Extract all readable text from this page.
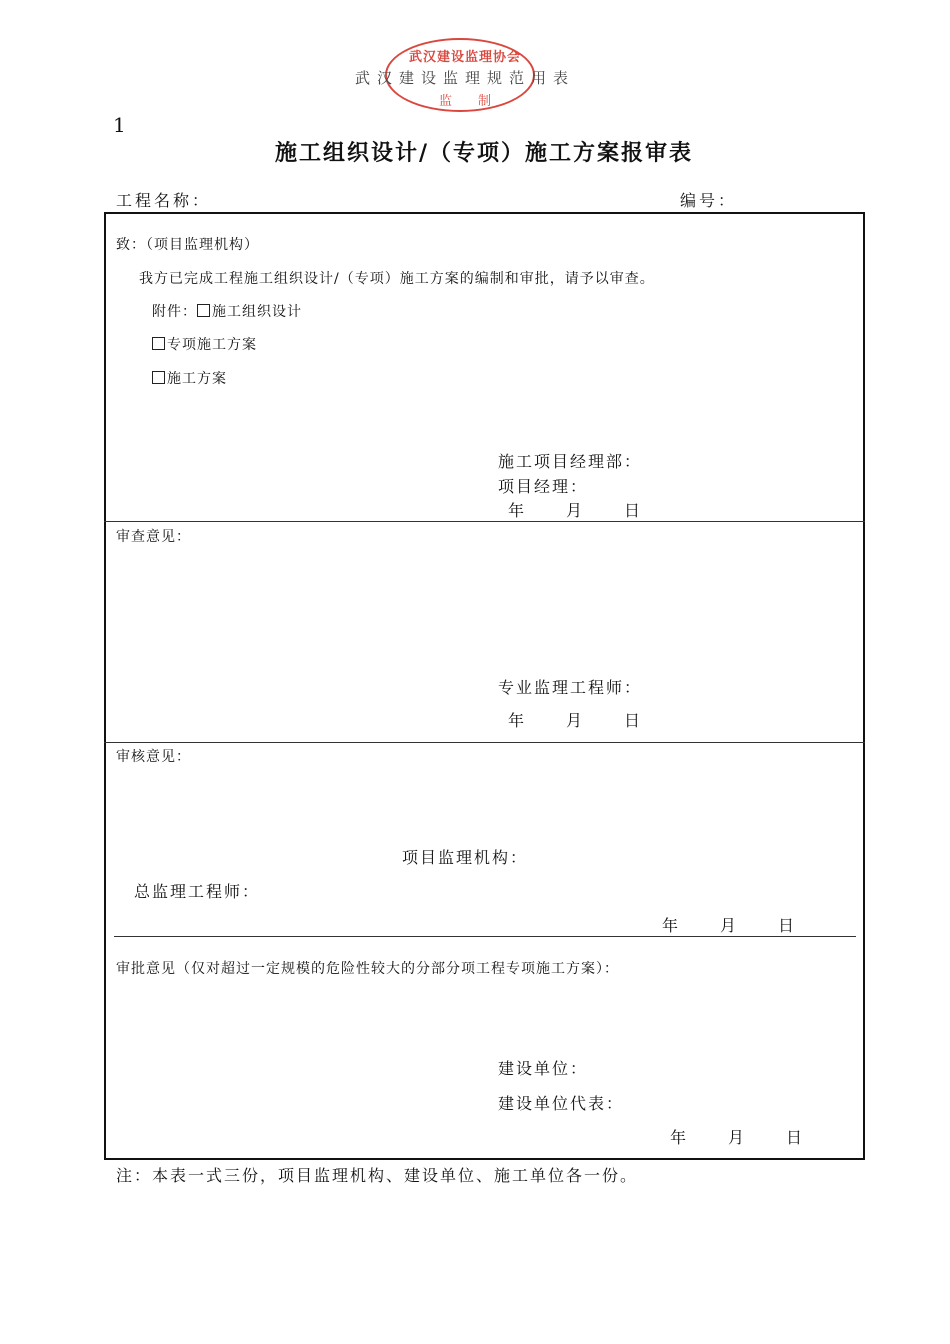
武汉建设监理协会
武汉建设监理规范用表
监制
1
施工组织设计/（专项）施工方案报审表
工程名称：	编号：
致：（项目监理机构）
我方已完成工程施工组织设计/（专项）施工方案的编制和审批，请予以审查。
附件： 施工组织设计
专项施工方案
施工方案
施工项目经理部：
项目经理：
年	月	日
审查意见：
专业监理工程师：
年	月	日
审核意见：
项目监理机构：
总监理工程师：
年	月	日
审批意见（仅对超过一定规模的危险性较大的分部分项工程专项施工方案）：
建设单位：
建设单位代表：
年	月	日
注：本表一式三份，项目监理机构、建设单位、施工单位各一份。
